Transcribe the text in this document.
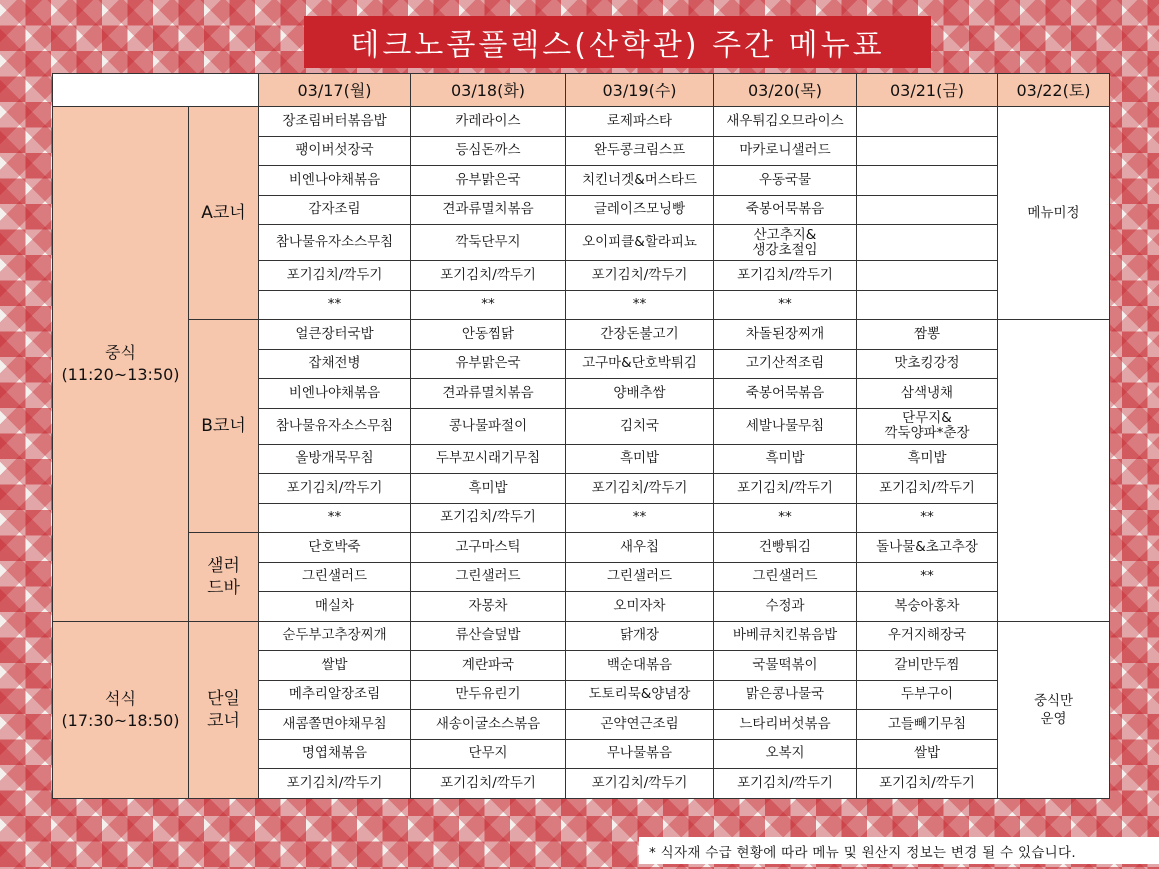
테크노콤플렉스(산학관) 주간 메뉴표
		03/17(월)	03/18(화)	03/19(수)	03/20(목)	03/21(금)	03/22(토)
중식
(11:20~13:50)	A코너	장조림버터볶음밥	카레라이스	로제파스타	새우튀김오므라이스		메뉴미정
		팽이버섯장국	등심돈까스	완두콩크림스프	마카로니샐러드		
		비엔나야채볶음	유부맑은국	치킨너겟&머스타드	우동국물		
		감자조림	견과류멸치볶음	글레이즈모닝빵	죽봉어묵볶음		
		참나물유자소스무침	깍둑단무지	오이피클&할라피뇨	산고추지&
생강초절임		
		포기김치/깍두기	포기김치/깍두기	포기김치/깍두기	포기김치/깍두기		
		**	**	**	**		
	B코너	얼큰장터국밥	안동찜닭	간장돈불고기	차돌된장찌개	짬뽕	
		잡채전병	유부맑은국	고구마&단호박튀김	고기산적조림	맛초킹강정	
		비엔나야채볶음	견과류멸치볶음	양배추쌈	죽봉어묵볶음	삼색냉채	
		참나물유자소스무침	콩나물파절이	김치국	세발나물무침	단무지&
깍둑양파*춘장	
		올방개묵무침	두부꼬시래기무침	흑미밥	흑미밥	흑미밥	
		포기김치/깍두기	흑미밥	포기김치/깍두기	포기김치/깍두기	포기김치/깍두기	
		**	포기김치/깍두기	**	**	**	
	샐러
드바	단호박죽	고구마스틱	새우칩	건빵튀김	돌나물&초고추장	
		그린샐러드	그린샐러드	그린샐러드	그린샐러드	**	
		매실차	자몽차	오미자차	수정과	복숭아홍차	
석식
(17:30~18:50)	단일
코너	순두부고추장찌개	류산슬덮밥	닭개장	바베큐치킨볶음밥	우거지해장국	중식만
운영
		쌀밥	계란파국	백순대볶음	국물떡볶이	갈비만두찜	
		메추리알장조림	만두유린기	도토리묵&양념장	맑은콩나물국	두부구이	
		새콤쫄면야채무침	새송이굴소스볶음	곤약연근조림	느타리버섯볶음	고들빼기무침	
		명엽채볶음	단무지	무나물볶음	오복지	쌀밥	
		포기김치/깍두기	포기김치/깍두기	포기김치/깍두기	포기김치/깍두기	포기김치/깍두기	
* 식자재 수급 현황에 따라 메뉴 및 원산지 정보는 변경 될 수 있습니다.
